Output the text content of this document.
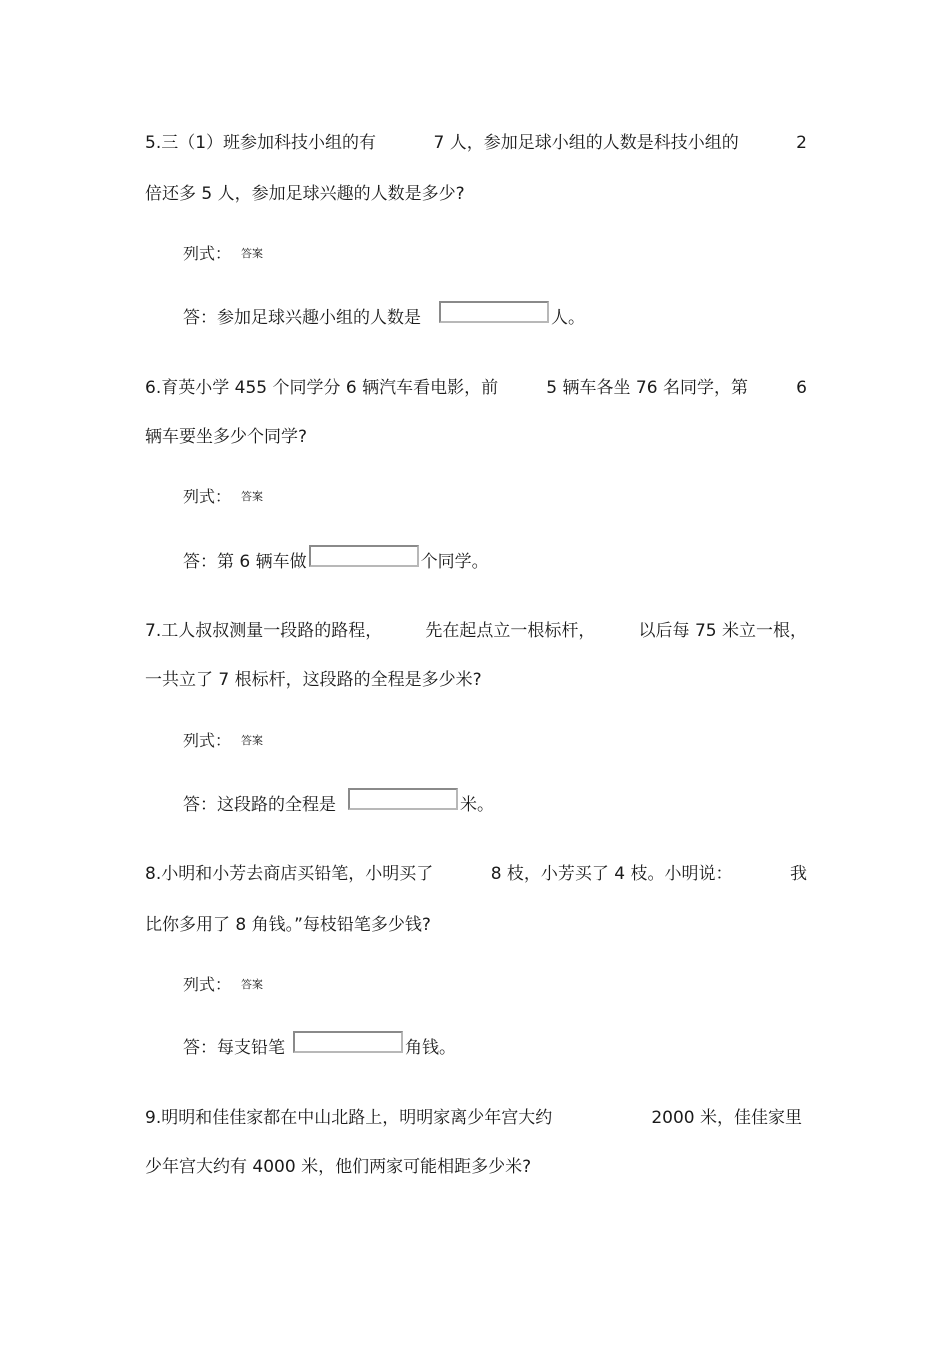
5.三（1）班参加科技小组的有	7 人，参加足球小组的人数是科技小组的	2
倍还多 5 人，参加足球兴趣的人数是多少?
列式： 答案
答：参加足球兴趣小组的人数是	人。
6.育英小学 455 个同学分 6 辆汽车看电影，前	5 辆车各坐 76 名同学，第	6
辆车要坐多少个同学?
列式： 答案
答：第 6 辆车做	个同学。
7.工人叔叔测量一段路的路程，	先在起点立一根标杆，	以后每 75 米立一根，
一共立了 7 根标杆，这段路的全程是多少米?
列式： 答案
答：这段路的全程是	米。
8.小明和小芳去商店买铅笔，小明买了	8 枝，小芳买了 4 枝。小明说：	我
比你多用了 8 角钱。”每枝铅笔多少钱?
列式： 答案
答：每支铅笔	角钱。
9.明明和佳佳家都在中山北路上，明明家离少年宫大约	2000 米，佳佳家里
少年宫大约有 4000 米，他们两家可能相距多少米?
